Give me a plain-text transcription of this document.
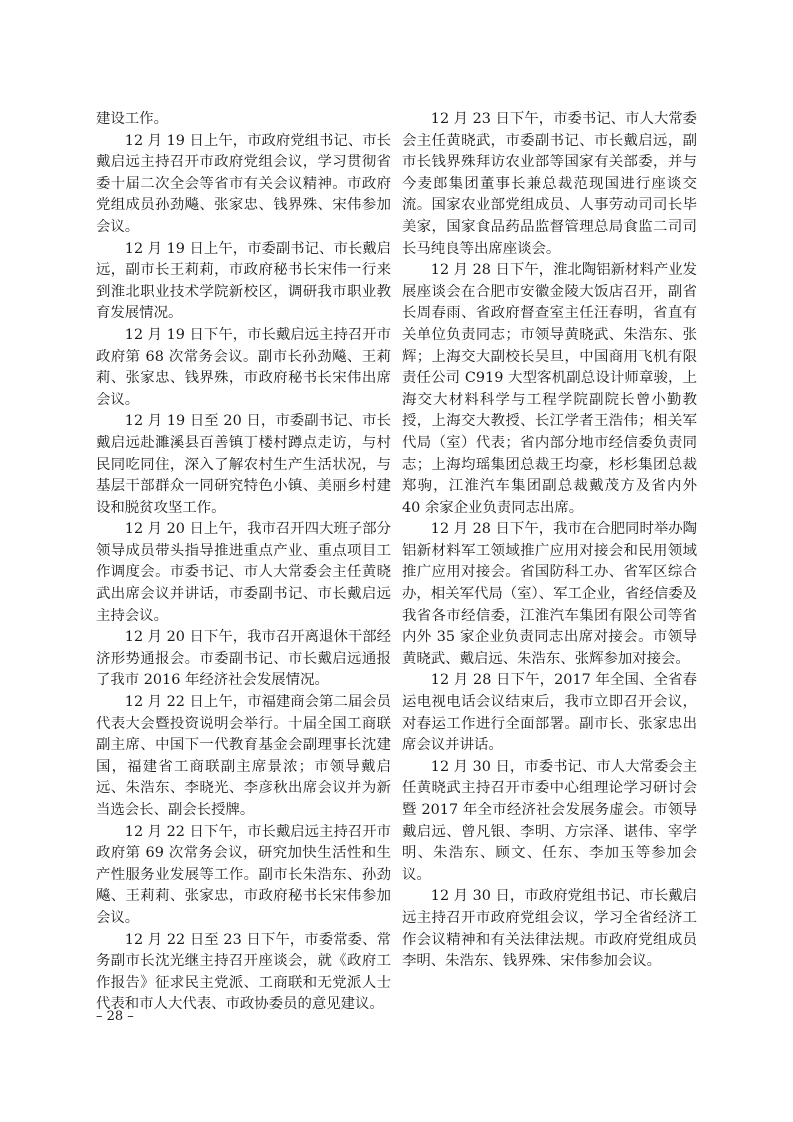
建设工作。

12 月 19 日上午，市政府党组书记、市长戴启远主持召开市政府党组会议，学习贯彻省委十届二次全会等省市有关会议精神。市政府党组成员孙劲飚、张家忠、钱界殊、宋伟参加会议。

12 月 19 日上午，市委副书记、市长戴启远，副市长王莉莉，市政府秘书长宋伟一行来到淮北职业技术学院新校区，调研我市职业教育发展情况。

12 月 19 日下午，市长戴启远主持召开市政府第 68 次常务会议。副市长孙劲飚、王莉莉、张家忠、钱界殊，市政府秘书长宋伟出席会议。

12 月 19 日至 20 日，市委副书记、市长戴启远赴濉溪县百善镇丁楼村蹲点走访，与村民同吃同住，深入了解农村生产生活状况，与基层干部群众一同研究特色小镇、美丽乡村建设和脱贫攻坚工作。

12 月 20 日上午，我市召开四大班子部分领导成员带头指导推进重点产业、重点项目工作调度会。市委书记、市人大常委会主任黄晓武出席会议并讲话，市委副书记、市长戴启远主持会议。

12 月 20 日下午，我市召开离退休干部经济形势通报会。市委副书记、市长戴启远通报了我市 2016 年经济社会发展情况。

12 月 22 日上午，市福建商会第二届会员代表大会暨投资说明会举行。十届全国工商联副主席、中国下一代教育基金会副理事长沈建国，福建省工商联副主席景浓；市领导戴启远、朱浩东、李晓光、李彦秋出席会议并为新当选会长、副会长授牌。

12 月 22 日下午，市长戴启远主持召开市政府第 69 次常务会议，研究加快生活性和生产性服务业发展等工作。副市长朱浩东、孙劲飚、王莉莉、张家忠，市政府秘书长宋伟参加会议。

12 月 22 日至 23 日下午，市委常委、常务副市长沈光继主持召开座谈会，就《政府工作报告》征求民主党派、工商联和无党派人士代表和市人大代表、市政协委员的意见建议。

12 月 23 日下午，市委书记、市人大常委会主任黄晓武，市委副书记、市长戴启远，副市长钱界殊拜访农业部等国家有关部委，并与今麦郎集团董事长兼总裁范现国进行座谈交流。国家农业部党组成员、人事劳动司司长毕美家，国家食品药品监督管理总局食监二司司长马纯良等出席座谈会。

12 月 28 日下午，淮北陶铝新材料产业发展座谈会在合肥市安徽金陵大饭店召开，副省长周春雨、省政府督查室主任汪春明，省直有关单位负责同志；市领导黄晓武、朱浩东、张辉；上海交大副校长吴旦，中国商用飞机有限责任公司 C919 大型客机副总设计师章骏，上海交大材料科学与工程学院副院长曾小勤教授，上海交大教授、长江学者王浩伟；相关军代局（室）代表；省内部分地市经信委负责同志；上海均瑶集团总裁王均豪，杉杉集团总裁郑驹，江淮汽车集团副总裁戴茂方及省内外 40 余家企业负责同志出席。

12 月 28 日下午，我市在合肥同时举办陶铝新材料军工领域推广应用对接会和民用领域推广应用对接会。省国防科工办、省军区综合办，相关军代局（室）、军工企业，省经信委及我省各市经信委，江淮汽车集团有限公司等省内外 35 家企业负责同志出席对接会。市领导黄晓武、戴启远、朱浩东、张辉参加对接会。

12 月 28 日下午，2017 年全国、全省春运电视电话会议结束后，我市立即召开会议，对春运工作进行全面部署。副市长、张家忠出席会议并讲话。

12 月 30 日，市委书记、市人大常委会主任黄晓武主持召开市委中心组理论学习研讨会暨 2017 年全市经济社会发展务虚会。市领导戴启远、曾凡银、李明、方宗泽、谌伟、宰学明、朱浩东、顾文、任东、李加玉等参加会议。

12 月 30 日，市政府党组书记、市长戴启远主持召开市政府党组会议，学习全省经济工作会议精神和有关法律法规。市政府党组成员李明、朱浩东、钱界殊、宋伟参加会议。

– 28 –
